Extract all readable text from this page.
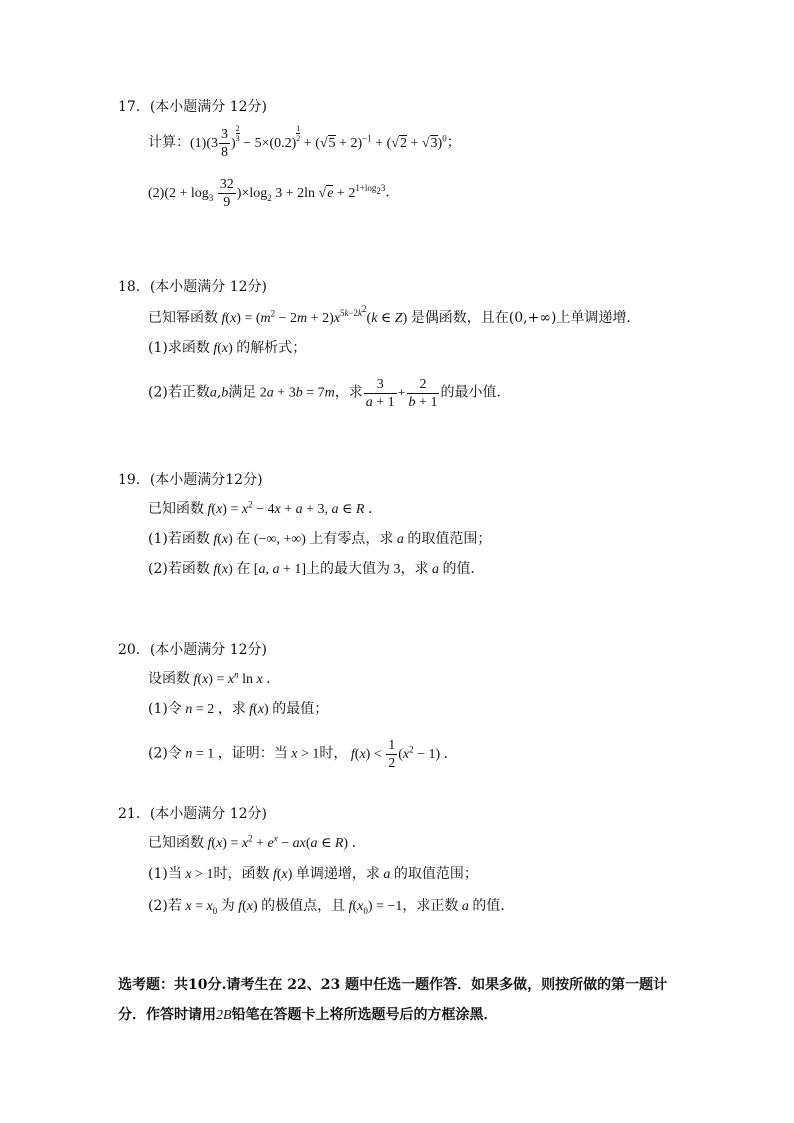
17．(本小题满分 12分)
计算：$(1)(3 \frac{3}{8}$ )
$\frac{2}{3}$
− 5×(0.2)
$\frac{1}{2}$
+ $(√5 + 2)^{-1} + (√2 + √3)^0$；
$(2)(2 + \log_3 \frac{32}{9} )\times\log_2$ 3 + 2ln $√e + 2^{1+log_23}$．
18．(本小题满分 12分)
已知幂函数 $f(x) = (m^2 - 2m + 2)x^{5k-2k^2}(k$ ∈ Z) 是偶函数，且在(0,+∞)上单调递增．
(1)求函数 f(x) 的解析式；
(2)若正数a,b满足 2a + 3b = 7m，求 $\frac{3}{a + 1} + \frac{2}{b + 1}$ 的最小值．
19．(本小题满分12分)
已知函数 $f(x) = x^2 - 4x + a + 3$, a ∈ R ．
(1)若函数 f(x) 在 (−∞, +∞) 上有零点，求 a 的取值范围；
(2)若函数 f(x) 在 [a, a + 1]上的最大值为 3，求 a 的值．
20．(本小题满分 12分)
设函数 $f(x) = x^n$ ln x ．
(1)令 n = 2 ，求 f(x) 的最值；
(2)令 n = 1 ，证明：当 x > 1时， $f(x) < \frac{1}{2} (x^2 - 1)$ ．
21．(本小题满分 12分)
已知函数 $f(x) = x^2 + e^x - ax(a$ ∈ R) ．
(1)当 x > 1时，函数 f(x) 单调递增，求 a 的取值范围；
(2)若 $x = x_0$ 为 f(x) 的极值点，且 $f(x_0) = -1$，求正数 a 的值．
选考题：共10分.请考生在 22、23 题中任选一题作答．如果多做，则按所做的第一题计
分．作答时请用2B铅笔在答题卡上将所选题号后的方框涂黑．
